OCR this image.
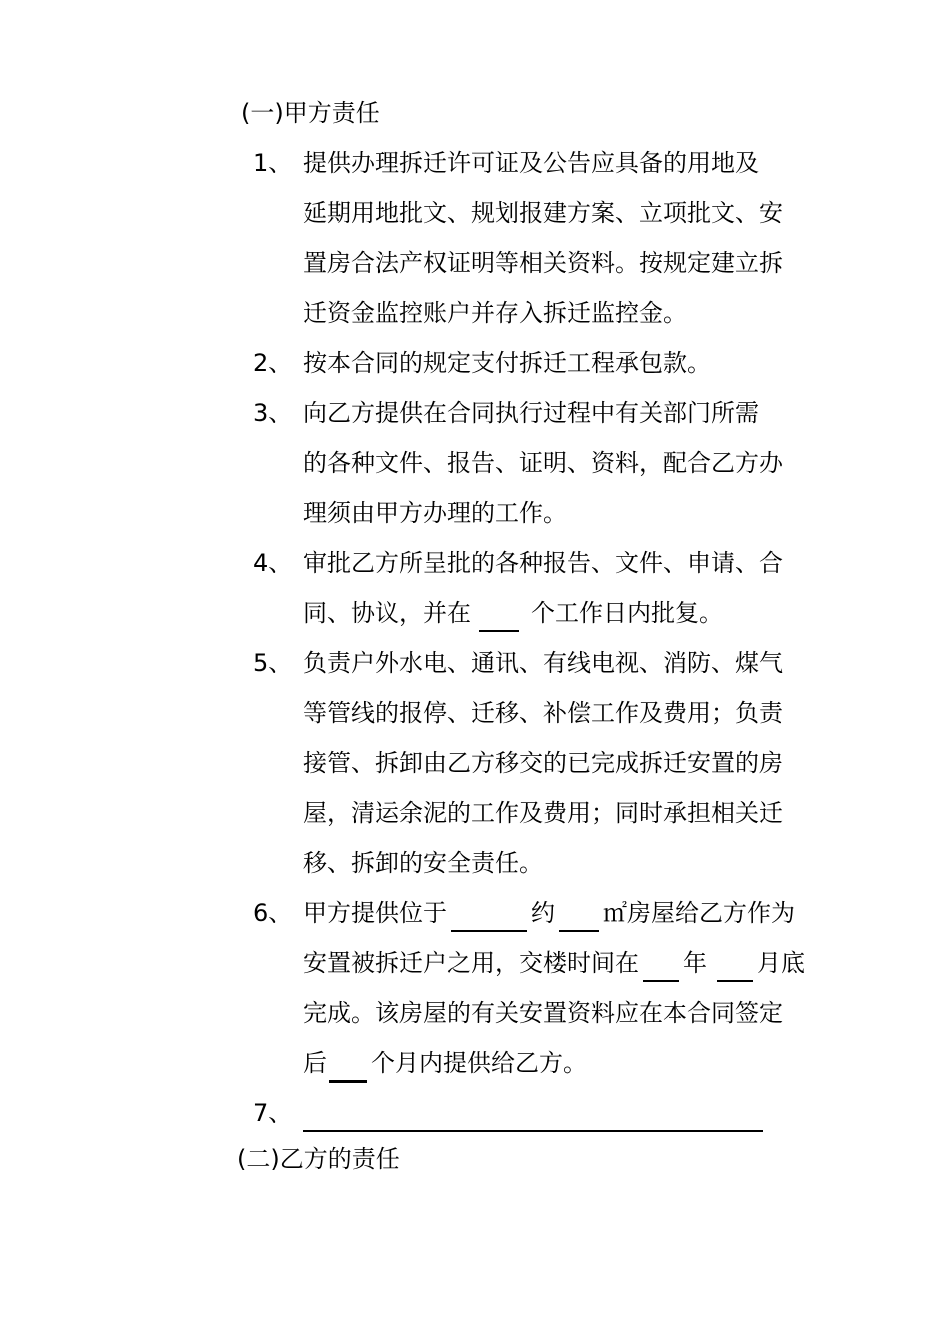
(一)甲方责任
1、 提供办理拆迁许可证及公告应具备的用地及
延期用地批文、规划报建方案、立项批文、安
置房合法产权证明等相关资料。按规定建立拆
迁资金监控账户并存入拆迁监控金。
2、 按本合同的规定支付拆迁工程承包款。
3、 向乙方提供在合同执行过程中有关部门所需
的各种文件、报告、证明、资料，配合乙方办
理须由甲方办理的工作。
4、 审批乙方所呈批的各种报告、文件、申请、合
同、协议，并在	个工作日内批复。
5、 负责户外水电、通讯、有线电视、消防、煤气
等管线的报停、迁移、补偿工作及费用；负责
接管、拆卸由乙方移交的已完成拆迁安置的房
屋，清运余泥的工作及费用；同时承担相关迁
移、拆卸的安全责任。
6、 甲方提供位于	约 ㎡房屋给乙方作为
安置被拆迁户之用，交楼时间在 年 月底
完成。该房屋的有关安置资料应在本合同签定
后 个月内提供给乙方。
7、
(二)乙方的责任
